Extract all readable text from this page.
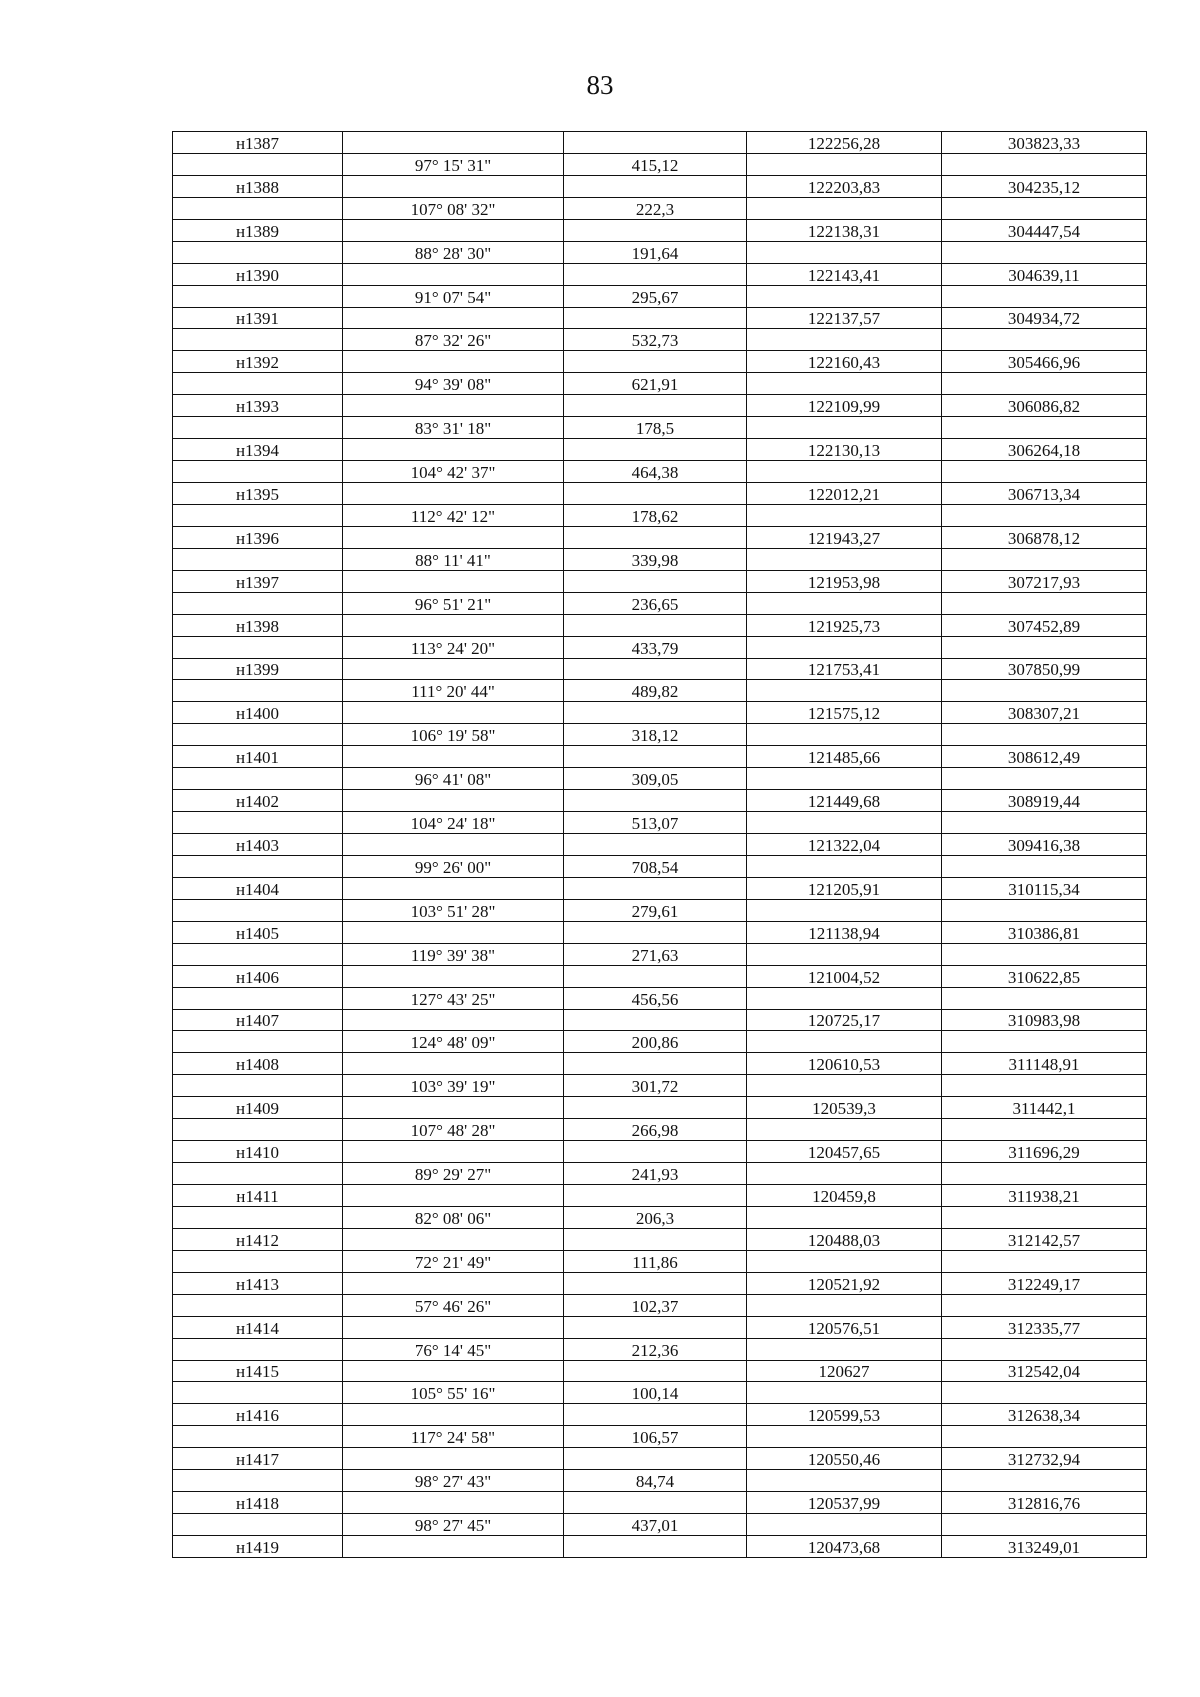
83
н1387			122256,28	303823,33
	97° 15' 31"	415,12		
н1388			122203,83	304235,12
	107° 08' 32"	222,3		
н1389			122138,31	304447,54
	88° 28' 30"	191,64		
н1390			122143,41	304639,11
	91° 07' 54"	295,67		
н1391			122137,57	304934,72
	87° 32' 26"	532,73		
н1392			122160,43	305466,96
	94° 39' 08"	621,91		
н1393			122109,99	306086,82
	83° 31' 18"	178,5		
н1394			122130,13	306264,18
	104° 42' 37"	464,38		
н1395			122012,21	306713,34
	112° 42' 12"	178,62		
н1396			121943,27	306878,12
	88° 11' 41"	339,98		
н1397			121953,98	307217,93
	96° 51' 21"	236,65		
н1398			121925,73	307452,89
	113° 24' 20"	433,79		
н1399			121753,41	307850,99
	111° 20' 44"	489,82		
н1400			121575,12	308307,21
	106° 19' 58"	318,12		
н1401			121485,66	308612,49
	96° 41' 08"	309,05		
н1402			121449,68	308919,44
	104° 24' 18"	513,07		
н1403			121322,04	309416,38
	99° 26' 00"	708,54		
н1404			121205,91	310115,34
	103° 51' 28"	279,61		
н1405			121138,94	310386,81
	119° 39' 38"	271,63		
н1406			121004,52	310622,85
	127° 43' 25"	456,56		
н1407			120725,17	310983,98
	124° 48' 09"	200,86		
н1408			120610,53	311148,91
	103° 39' 19"	301,72		
н1409			120539,3	311442,1
	107° 48' 28"	266,98		
н1410			120457,65	311696,29
	89° 29' 27"	241,93		
н1411			120459,8	311938,21
	82° 08' 06"	206,3		
н1412			120488,03	312142,57
	72° 21' 49"	111,86		
н1413			120521,92	312249,17
	57° 46' 26"	102,37		
н1414			120576,51	312335,77
	76° 14' 45"	212,36		
н1415			120627	312542,04
	105° 55' 16"	100,14		
н1416			120599,53	312638,34
	117° 24' 58"	106,57		
н1417			120550,46	312732,94
	98° 27' 43"	84,74		
н1418			120537,99	312816,76
	98° 27' 45"	437,01		
н1419			120473,68	313249,01
